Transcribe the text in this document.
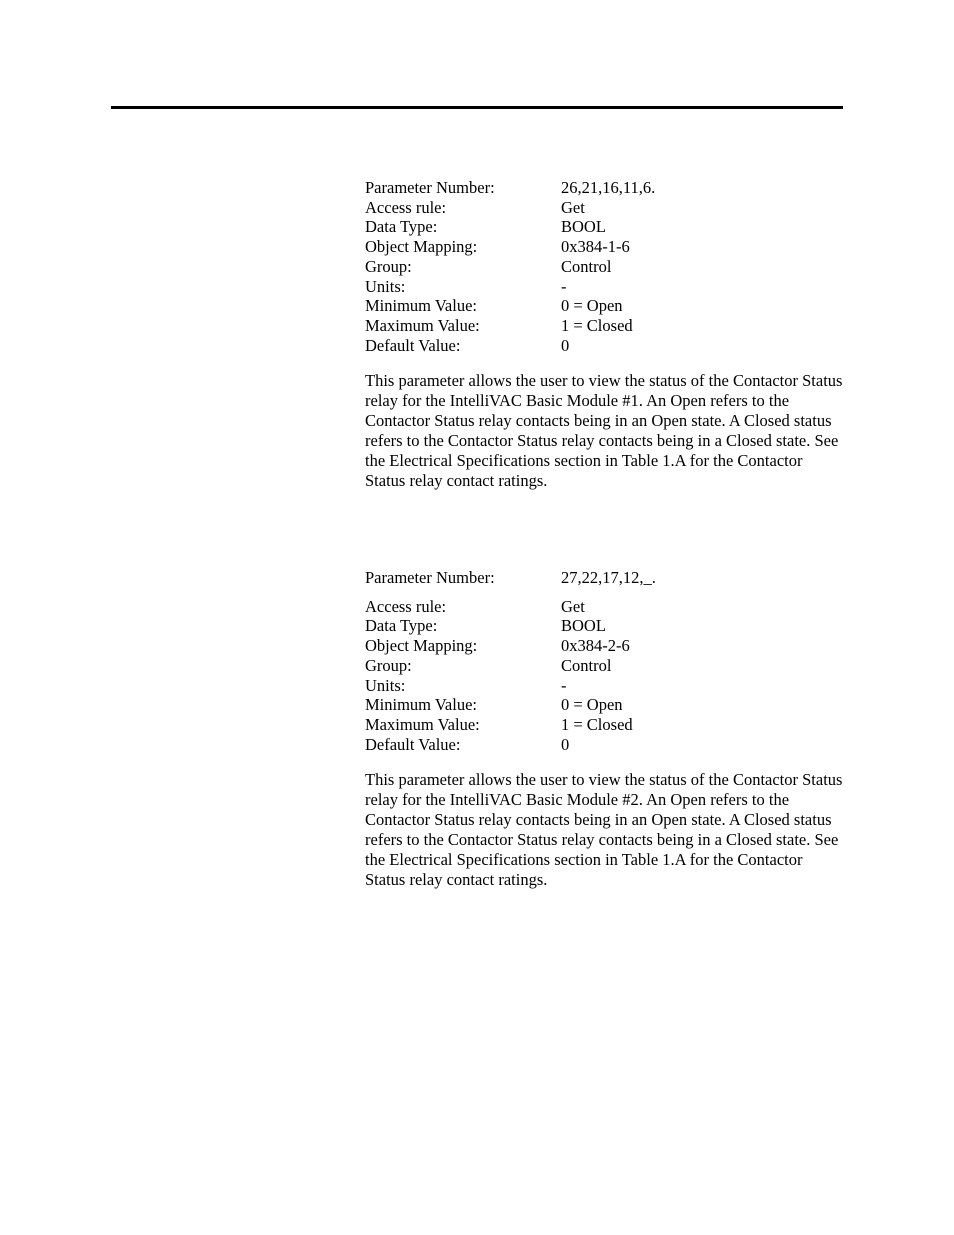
Parameter Number:	26,21,16,11,6.
Access rule:	Get
Data Type:	BOOL
Object Mapping:	0x384-1-6
Group:	Control
Units:	-
Minimum Value:	0 = Open
Maximum Value:	1 = Closed
Default Value:	0

This parameter allows the user to view the status of the Contactor Status relay for the IntelliVAC Basic Module #1. An Open refers to the Contactor Status relay contacts being in an Open state. A Closed status refers to the Contactor Status relay contacts being in a Closed state. See the Electrical Specifications section in Table 1.A for the Contactor Status relay contact ratings.

Parameter Number:	27,22,17,12,_.
Access rule:	Get
Data Type:	BOOL
Object Mapping:	0x384-2-6
Group:	Control
Units:	-
Minimum Value:	0 = Open
Maximum Value:	1 = Closed
Default Value:	0

This parameter allows the user to view the status of the Contactor Status relay for the IntelliVAC Basic Module #2. An Open refers to the Contactor Status relay contacts being in an Open state. A Closed status refers to the Contactor Status relay contacts being in a Closed state. See the Electrical Specifications section in Table 1.A for the Contactor Status relay contact ratings.
